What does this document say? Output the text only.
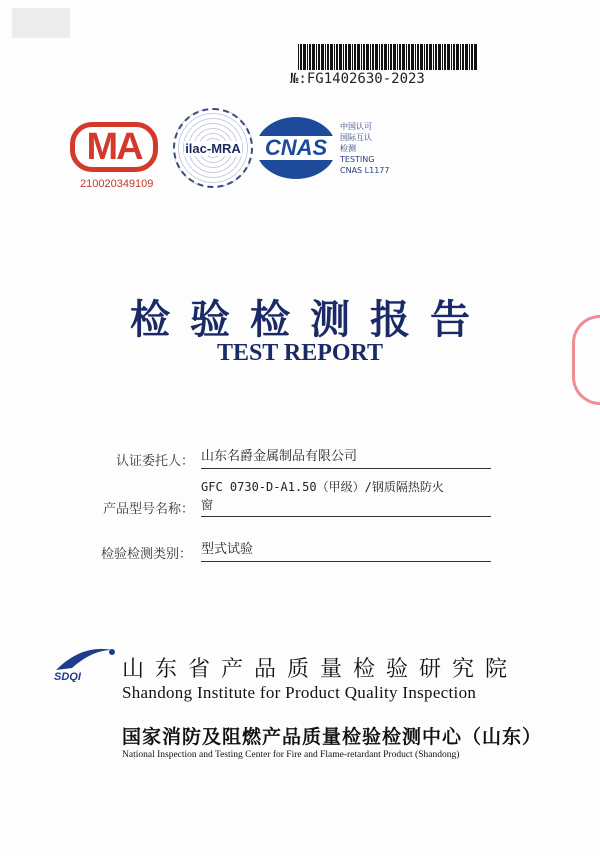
№:FG1402630-2023
MA
210020349109
ilac-MRA	CNAS
中国认可
国际互认
检测
TESTING
CNAS L1177
检验检测报告
TEST REPORT
认证委托人： 山东名爵金属制品有限公司
产品型号名称：
GFC 0730-D-A1.50（甲级）/钢质隔热防火
窗
检验检测类别： 型式试验
SDQI 山东省产品质量检验研究院
Shandong Institute for Product Quality Inspection
国家消防及阻燃产品质量检验检测中心（山东）
National Inspection and Testing Center for Fire and Flame-retardant Product (Shandong)
